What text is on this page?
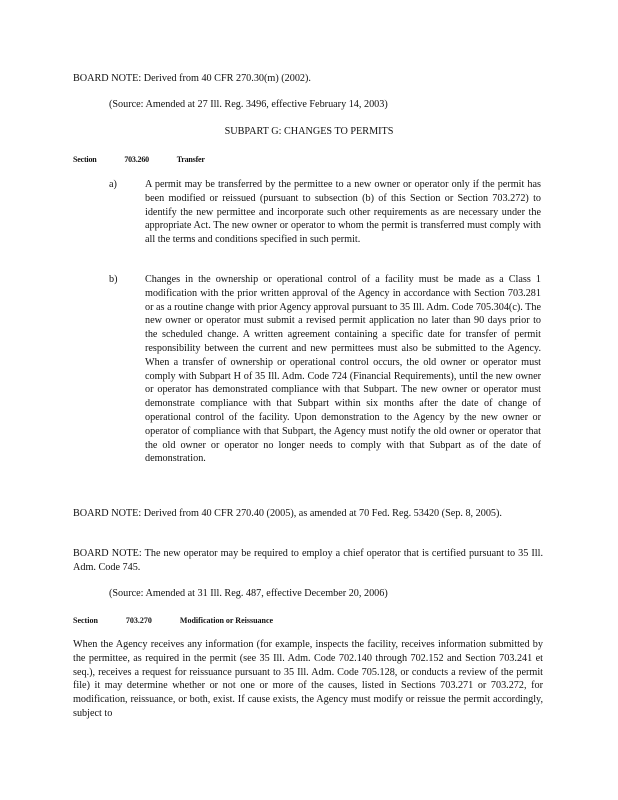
BOARD NOTE: Derived from 40 CFR 270.30(m) (2002).

(Source: Amended at 27 Ill. Reg. 3496, effective February 14, 2003)

SUBPART G: CHANGES TO PERMITS

Section	703.260	Transfer
a)	A permit may be transferred by the permittee to a new owner or operator only if the permit has been modified or reissued (pursuant to subsection (b) of this Section or Section 703.272) to identify the new permittee and incorporate such other requirements as are necessary under the appropriate Act. The new owner or operator to whom the permit is transferred must comply with all the terms and conditions specified in such permit.

b)	Changes in the ownership or operational control of a facility must be made as a Class 1 modification with the prior written approval of the Agency in accordance with Section 703.281 or as a routine change with prior Agency approval pursuant to 35 Ill. Adm. Code 705.304(c). The new owner or operator must submit a revised permit application no later than 90 days prior to the scheduled change. A written agreement containing a specific date for transfer of permit responsibility between the current and new permittees must also be submitted to the Agency. When a transfer of ownership or operational control occurs, the old owner or operator must comply with Subpart H of 35 Ill. Adm. Code 724 (Financial Requirements), until the new owner or operator has demonstrated compliance with that Subpart. The new owner or operator must demonstrate compliance with that Subpart within six months after the date of change of operational control of the facility. Upon demonstration to the Agency by the new owner or operator of compliance with that Subpart, the Agency must notify the old owner or operator that the old owner or operator no longer needs to comply with that Subpart as of the date of demonstration.

BOARD NOTE: Derived from 40 CFR 270.40 (2005), as amended at 70 Fed. Reg. 53420 (Sep. 8, 2005).

BOARD NOTE: The new operator may be required to employ a chief operator that is certified pursuant to 35 Ill. Adm. Code 745.

(Source: Amended at 31 Ill. Reg. 487, effective December 20, 2006)

Section	703.270	Modification or Reissuance

When the Agency receives any information (for example, inspects the facility, receives information submitted by the permittee, as required in the permit (see 35 Ill. Adm. Code 702.140 through 702.152 and Section 703.241 et seq.), receives a request for reissuance pursuant to 35 Ill. Adm. Code 705.128, or conducts a review of the permit file) it may determine whether or not one or more of the causes, listed in Sections 703.271 or 703.272, for modification, reissuance, or both, exist. If cause exists, the Agency must modify or reissue the permit accordingly, subject to
